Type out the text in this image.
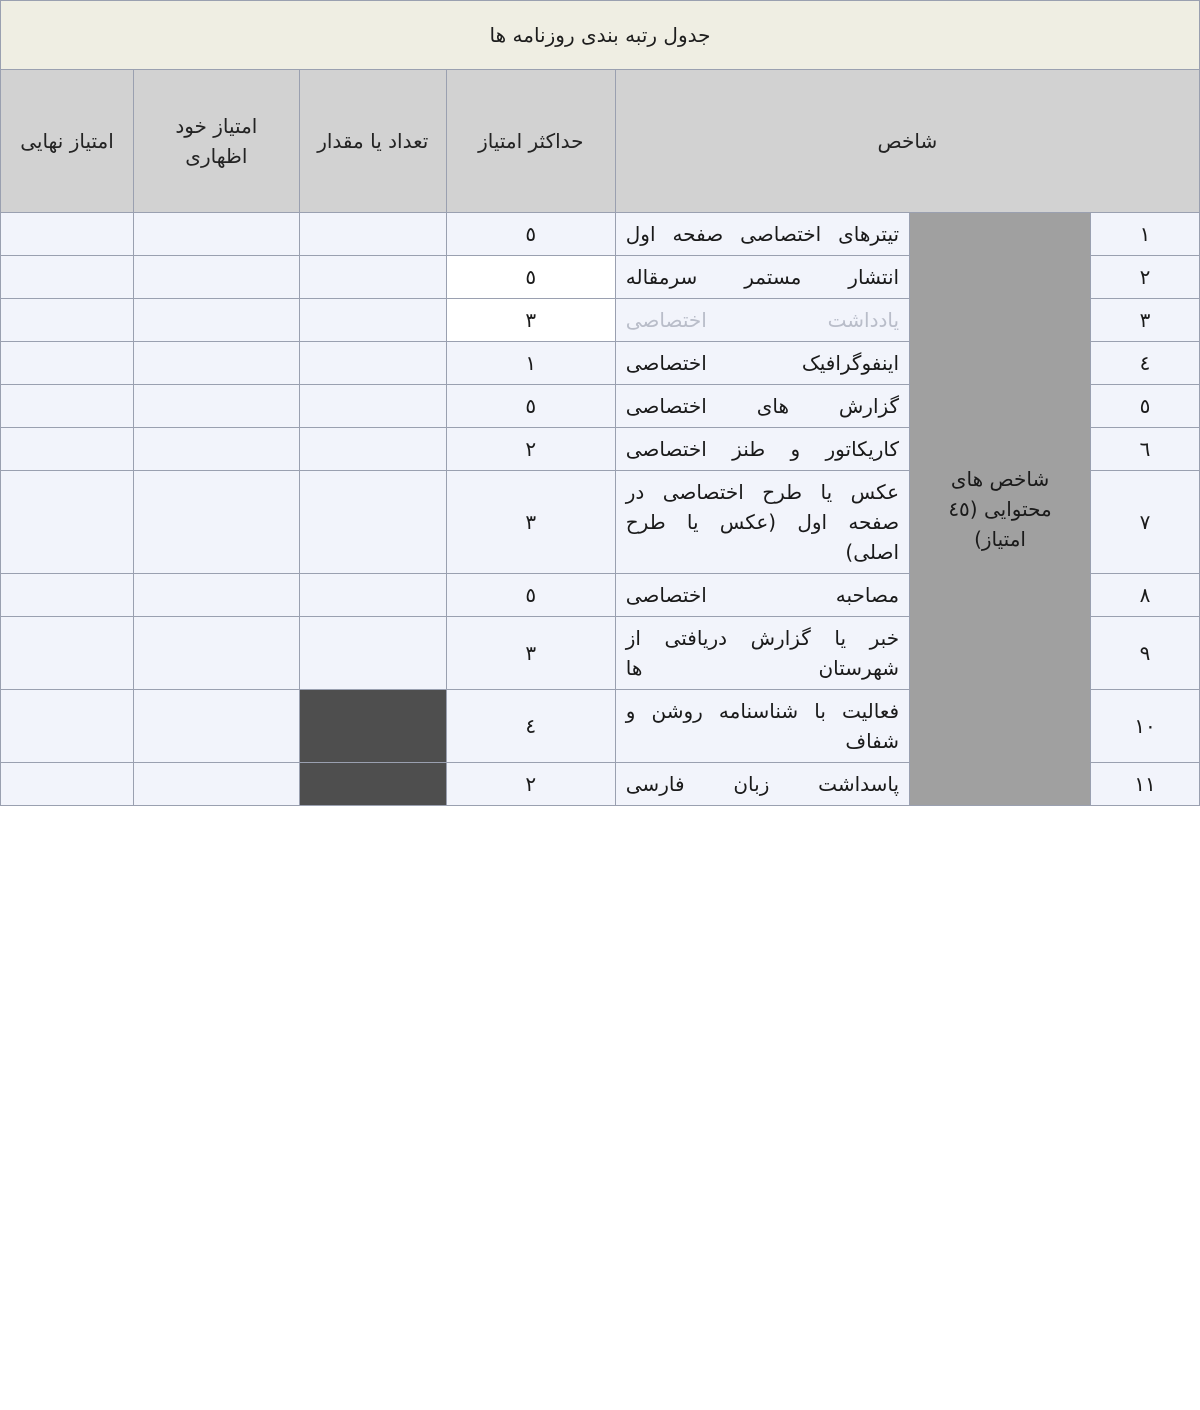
جدول رتبه بندی روزنامه ها						
شاخص			حداکثر امتیاز	تعداد یا مقدار	امتیاز خود اظهاری	امتیاز نهایی
١	شاخص های محتوایی (٤٥ امتیاز)	تیترهای اختصاصی صفحه اول	٥			
٢		انتشار مستمر سرمقاله	٥			
٣		یادداشت اختصاصی	٣			
٤		اینفوگرافیک اختصاصی	١			
٥		گزارش های اختصاصی	٥			
٦		کاریکاتور و طنز اختصاصی	٢			
٧		عکس یا طرح اختصاصی در صفحه اول (عکس یا طرح اصلی)	٣			
٨		مصاحبه اختصاصی	٥			
٩		خبر یا گزارش دریافتی از شهرستان ها	٣			
١٠		فعالیت با شناسنامه روشن و شفاف	٤			
١١		پاسداشت زبان فارسی	٢			
